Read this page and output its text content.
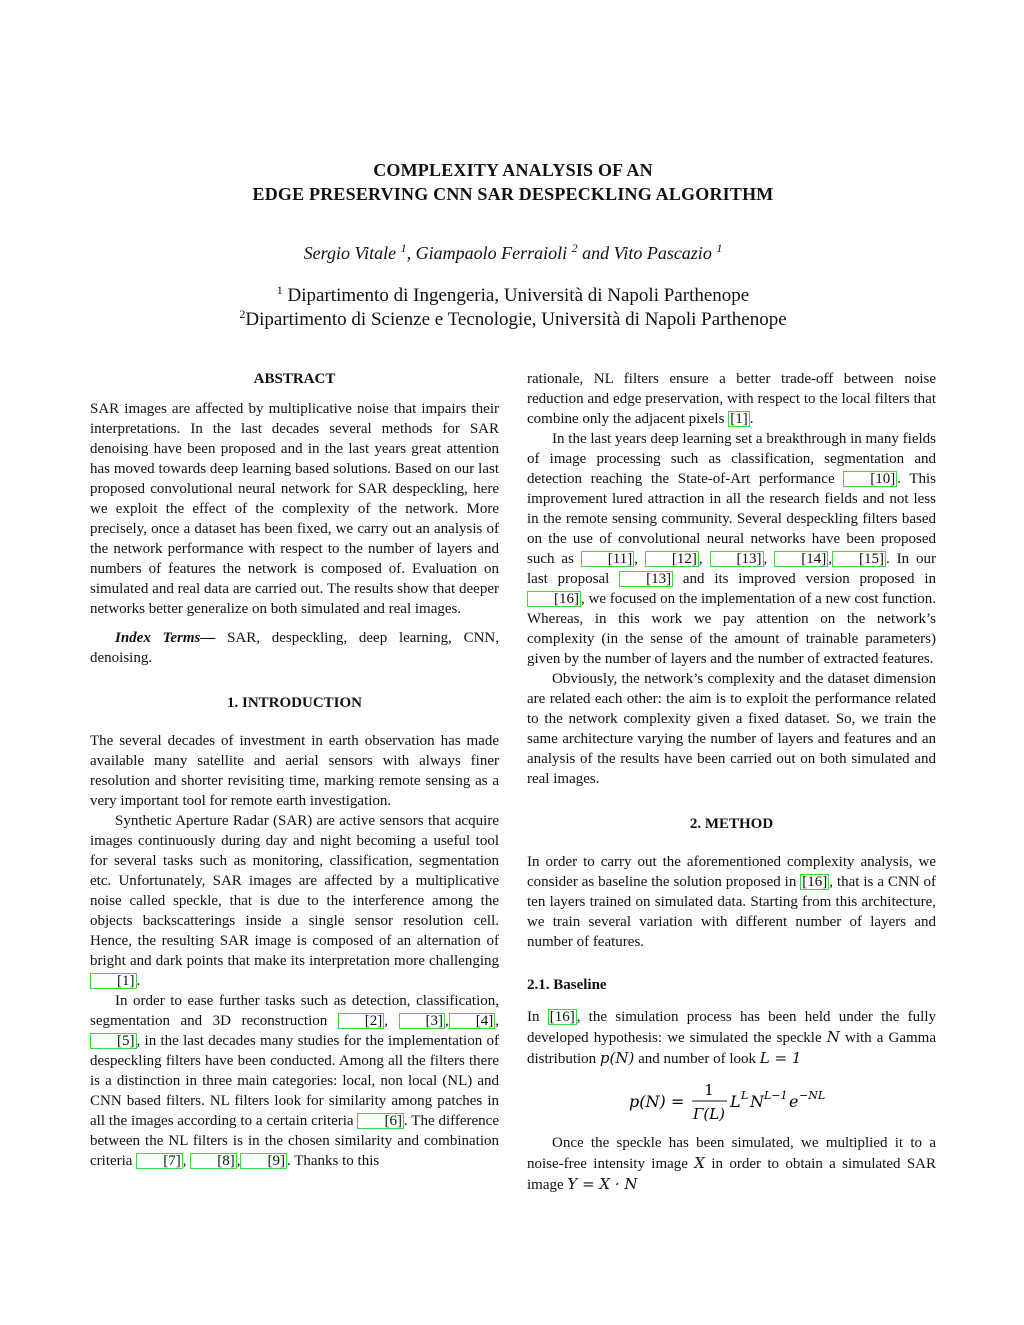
COMPLEXITY ANALYSIS OF AN
EDGE PRESERVING CNN SAR DESPECKLING ALGORITHM
Sergio Vitale $^1$, Giampaolo Ferraioli $^2$ and Vito Pascazio $^1$
$^1$ Dipartimento di Ingengeria, Università di Napoli Parthenope
$^2$Dipartimento di Scienze e Tecnologie, Università di Napoli Parthenope
ABSTRACT

SAR images are affected by multiplicative noise that impairs their interpretations. In the last decades several methods for SAR denoising have been proposed and in the last years great attention has moved towards deep learning based solutions. Based on our last proposed convolutional neural network for SAR despeckling, here we exploit the effect of the complexity of the network. More precisely, once a dataset has been fixed, we carry out an analysis of the network performance with respect to the number of layers and numbers of features the network is composed of. Evaluation on simulated and real data are carried out. The results show that deeper networks better generalize on both simulated and real images.

Index Terms— SAR, despeckling, deep learning, CNN, denoising.

1. INTRODUCTION

The several decades of investment in earth observation has made available many satellite and aerial sensors with always finer resolution and shorter revisiting time, marking remote sensing as a very important tool for remote earth investigation.

Synthetic Aperture Radar (SAR) are active sensors that acquire images continuously during day and night becoming a useful tool for several tasks such as monitoring, classification, segmentation etc. Unfortunately, SAR images are affected by a multiplicative noise called speckle, that is due to the interference among the objects backscatterings inside a single sensor resolution cell. Hence, the resulting SAR image is composed of an alternation of bright and dark points that make its interpretation more challenging [1] .

In order to ease further tasks such as detection, classification, segmentation and 3D reconstruction [2] , [3] , [4] , [5] , in the last decades many studies for the implementation of despeckling filters have been conducted. Among all the filters there is a distinction in three main categories: local, non local (NL) and CNN based filters. NL filters look for similarity among patches in all the images according to a certain criteria [6] . The difference between the NL filters is in the chosen similarity and combination criteria [7] , [8] , [9] . Thanks to this

rationale, NL filters ensure a better trade-off between noise reduction and edge preservation, with respect to the local filters that combine only the adjacent pixels [1] .

In the last years deep learning set a breakthrough in many fields of image processing such as classification, segmentation and detection reaching the State-of-Art performance [10] . This improvement lured attraction in all the research fields and not less in the remote sensing community. Several despeckling filters based on the use of convolutional neural networks have been proposed such as [11] , [12] , [13] , [14] , [15] . In our last proposal [13] and its improved version proposed in [16] , we focused on the implementation of a new cost function. Whereas, in this work we pay attention on the network’s complexity (in the sense of the amount of trainable parameters) given by the number of layers and the number of extracted features.

Obviously, the network’s complexity and the dataset dimension are related each other: the aim is to exploit the performance related to the network complexity given a fixed dataset. So, we train the same architecture varying the number of layers and features and an analysis of the results have been carried out on both simulated and real images.

2. METHOD

In order to carry out the aforementioned complexity analysis, we consider as baseline the solution proposed in [16] , that is a CNN of ten layers trained on simulated data. Starting from this architecture, we train several variation with different number of layers and number of features.

2.1. Baseline

In [16] , the simulation process has been held under the fully developed hypothesis: we simulated the speckle N with a Gamma distribution p(N) and number of look L = 1

p(N) =
1
Γ(L)
L L N L−1 e −NL

Once the speckle has been simulated, we multiplied it to a noise-free intensity image X in order to obtain a simulated SAR image Y = X · N
